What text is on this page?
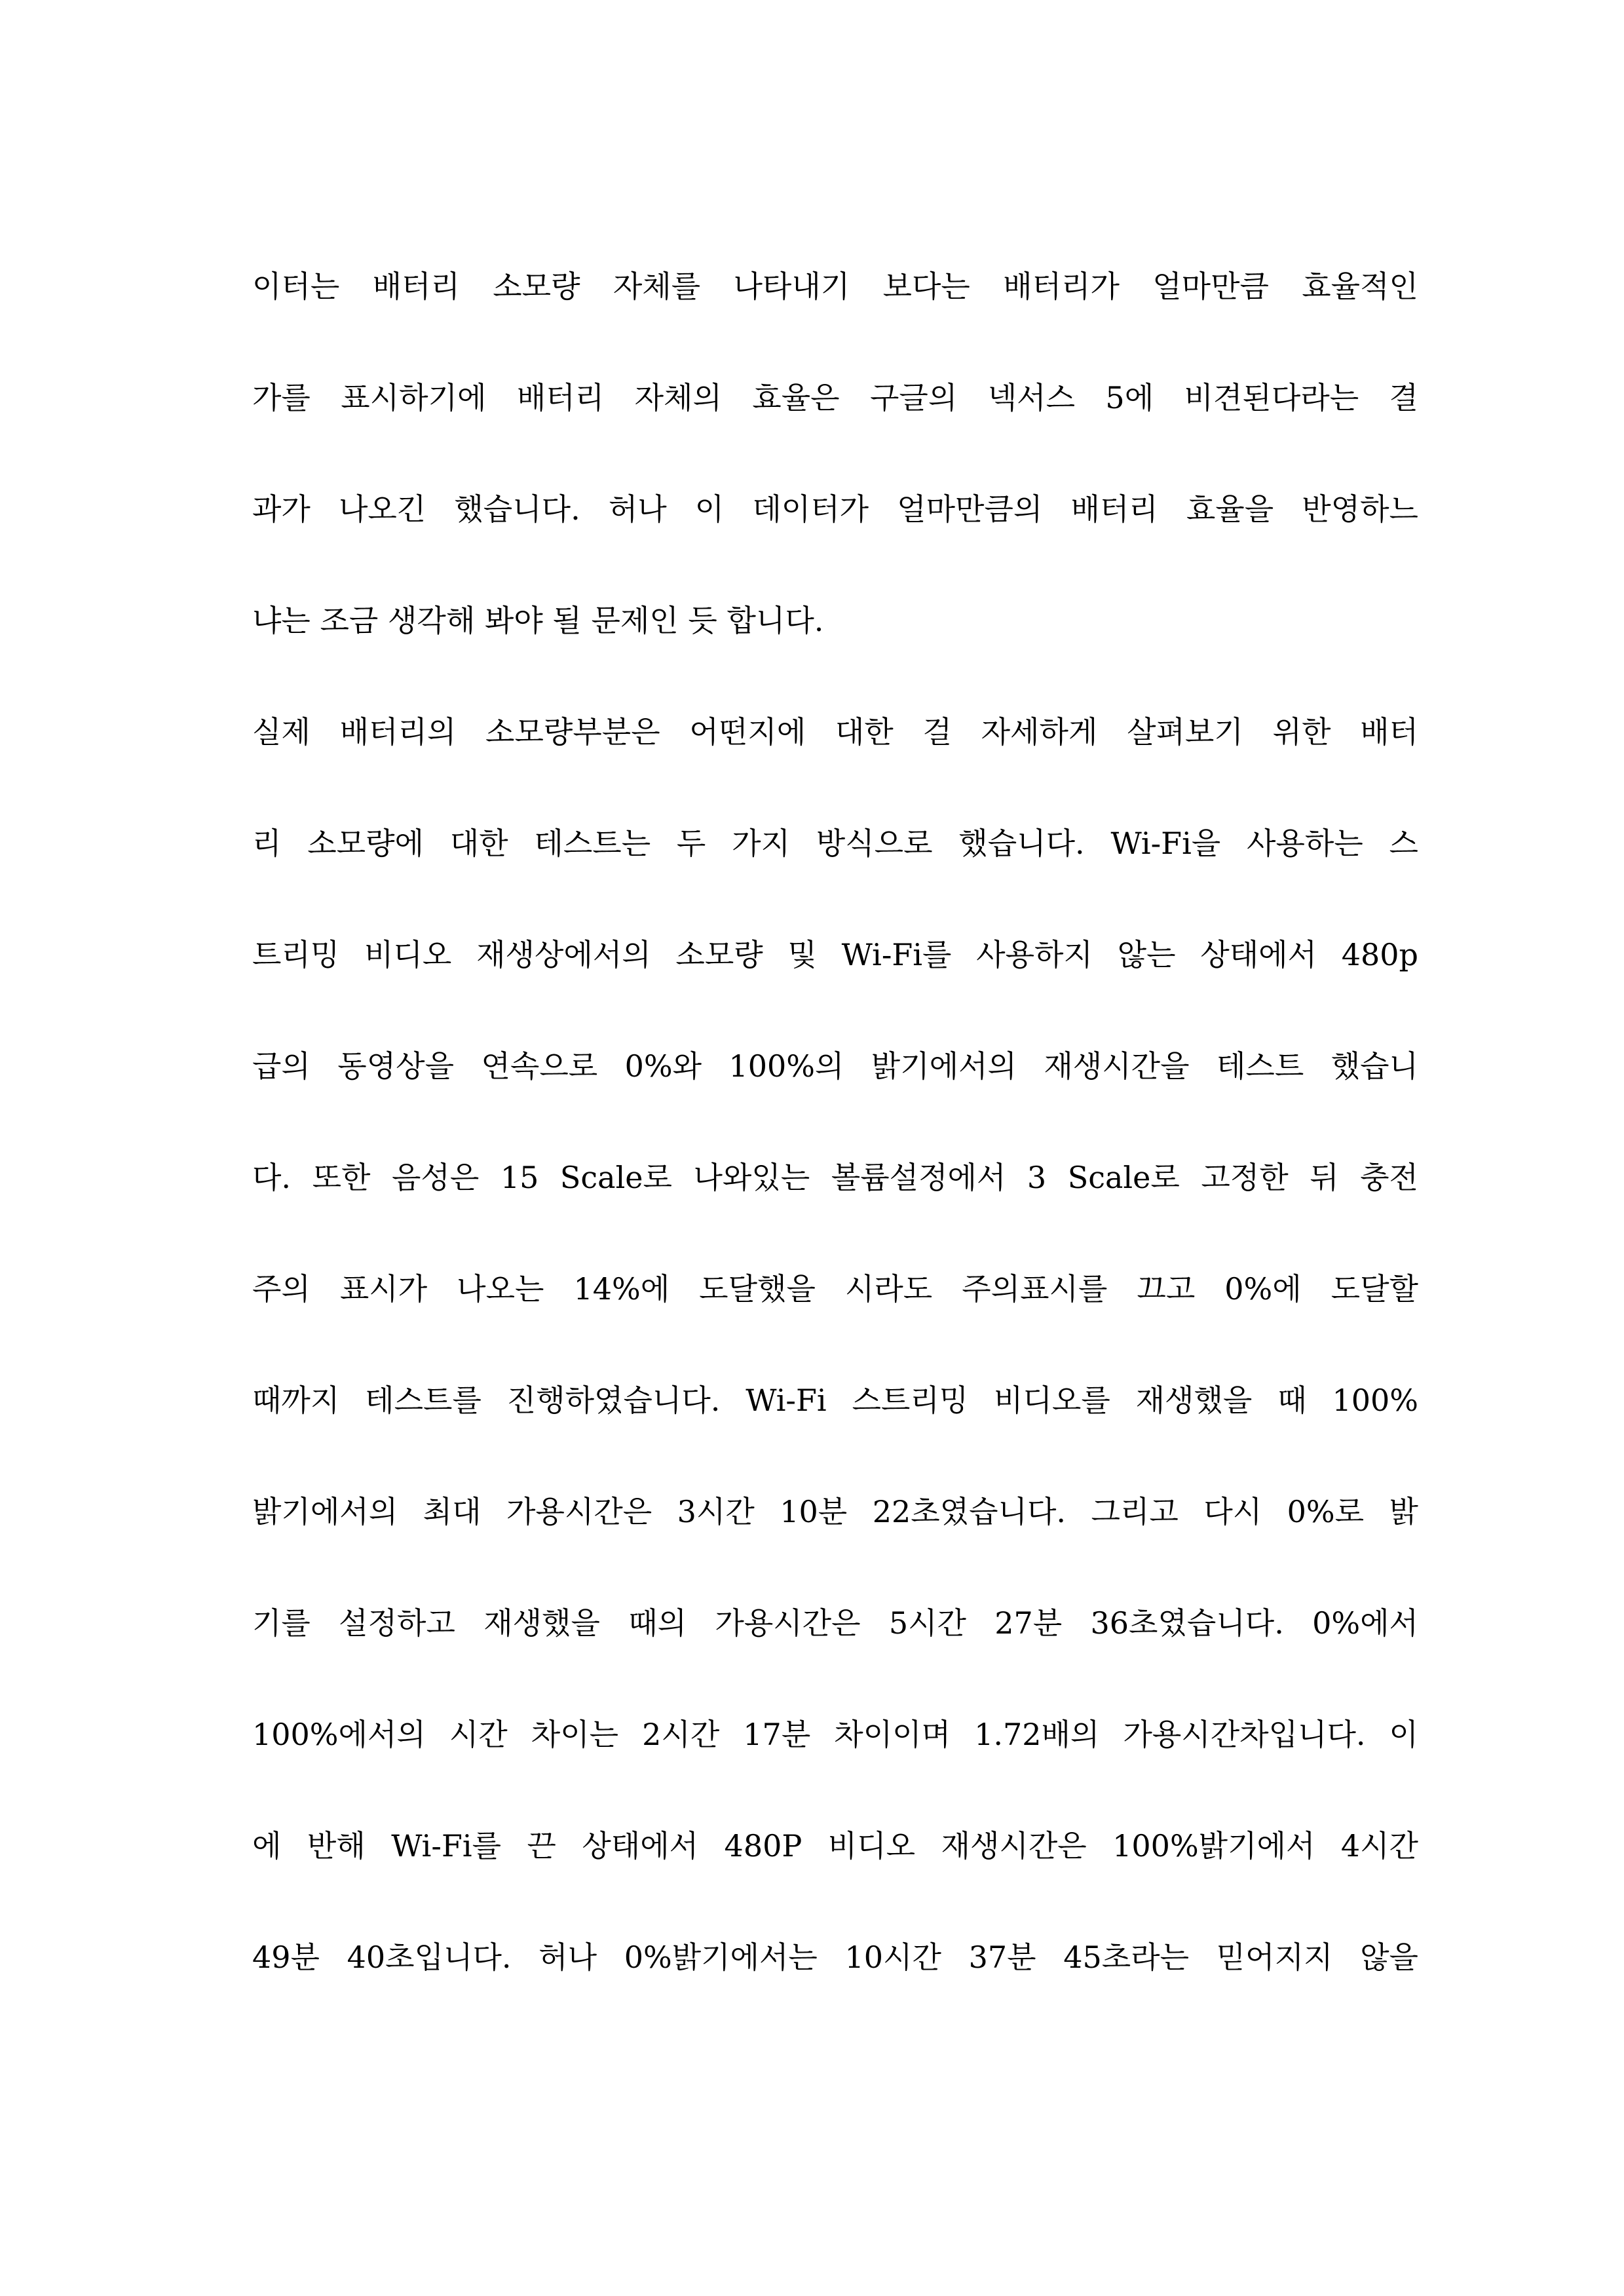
이터는 배터리 소모량 자체를 나타내기 보다는 배터리가 얼마만큼 효율적인
가를 표시하기에 배터리 자체의 효율은 구글의 넥서스 5에 비견된다라는 결
과가 나오긴 했습니다. 허나 이 데이터가 얼마만큼의 배터리 효율을 반영하느
냐는 조금 생각해 봐야 될 문제인 듯 합니다.
실제 배터리의 소모량부분은 어떤지에 대한 걸 자세하게 살펴보기 위한 배터
리 소모량에 대한 테스트는 두 가지 방식으로 했습니다. Wi-Fi을 사용하는 스
트리밍 비디오 재생상에서의 소모량 및 Wi-Fi를 사용하지 않는 상태에서 480p
급의 동영상을 연속으로 0%와 100%의 밝기에서의 재생시간을 테스트 했습니
다. 또한 음성은 15 Scale로 나와있는 볼륨설정에서 3 Scale로 고정한 뒤 충전
주의 표시가 나오는 14%에 도달했을 시라도 주의표시를 끄고 0%에 도달할
때까지 테스트를 진행하였습니다. Wi-Fi 스트리밍 비디오를 재생했을 때 100%
밝기에서의 최대 가용시간은 3시간 10분 22초였습니다. 그리고 다시 0%로 밝
기를 설정하고 재생했을 때의 가용시간은 5시간 27분 36초였습니다. 0%에서
100%에서의 시간 차이는 2시간 17분 차이이며 1.72배의 가용시간차입니다. 이
에 반해 Wi-Fi를 끈 상태에서 480P 비디오 재생시간은 100%밝기에서 4시간
49분 40초입니다. 허나 0%밝기에서는 10시간 37분 45초라는 믿어지지 않을
